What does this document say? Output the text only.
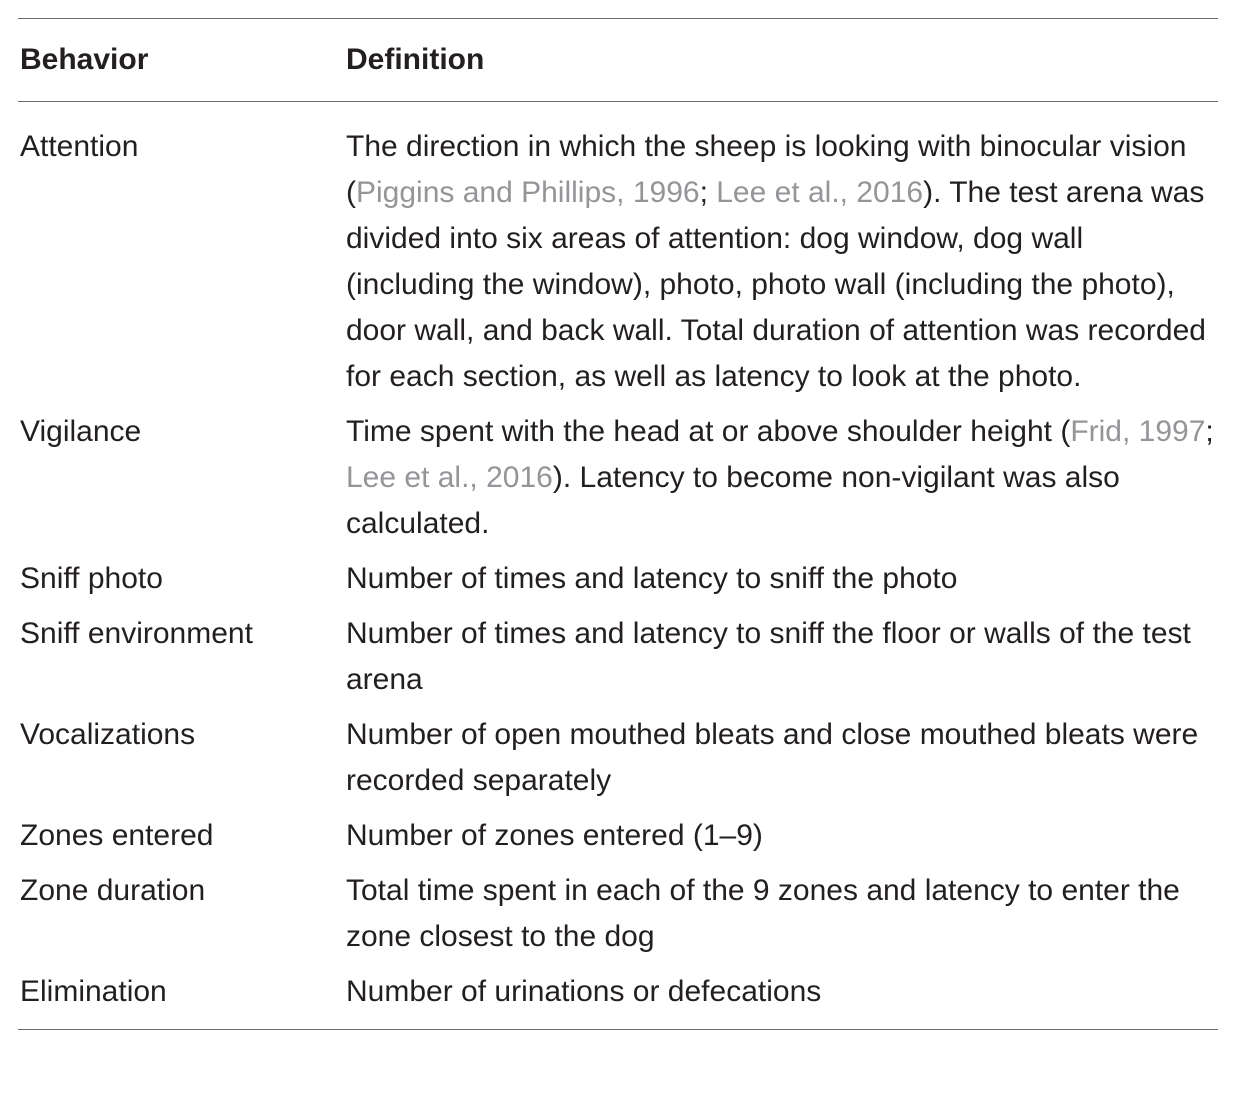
Behavior	Definition
Attention	The direction in which the sheep is looking with binocular vision (Piggins and Phillips, 1996; Lee et al., 2016). The test arena was divided into six areas of attention: dog window, dog wall (including the window), photo, photo wall (including the photo), door wall, and back wall. Total duration of attention was recorded for each section, as well as latency to look at the photo.
Vigilance	Time spent with the head at or above shoulder height (Frid, 1997; Lee et al., 2016). Latency to become non-vigilant was also calculated.
Sniff photo	Number of times and latency to sniff the photo
Sniff environment	Number of times and latency to sniff the floor or walls of the test arena
Vocalizations	Number of open mouthed bleats and close mouthed bleats were recorded separately
Zones entered	Number of zones entered (1–9)
Zone duration	Total time spent in each of the 9 zones and latency to enter the zone closest to the dog
Elimination	Number of urinations or defecations
